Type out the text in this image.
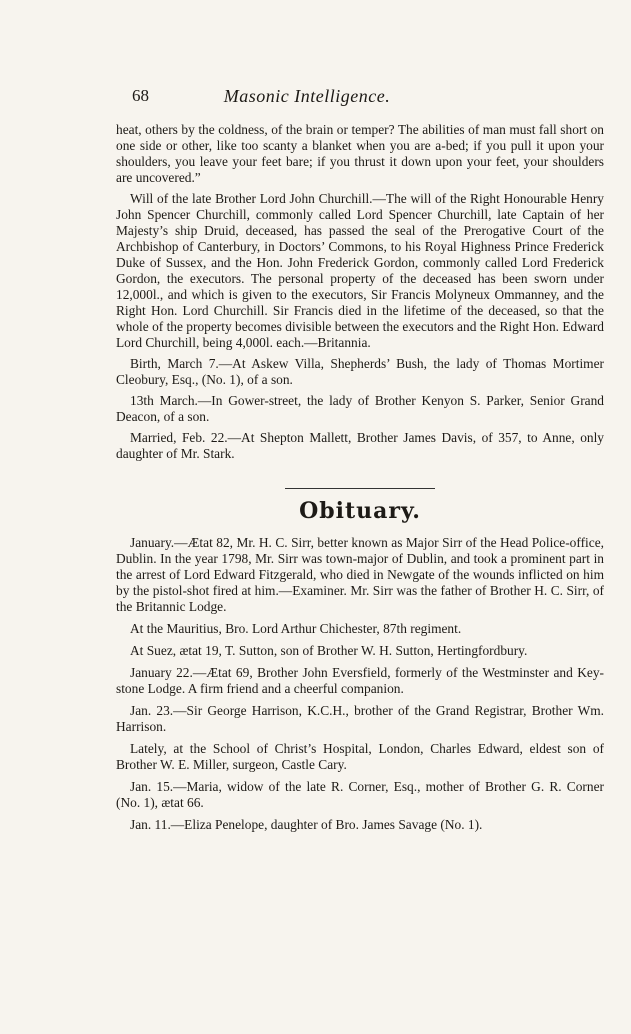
68	Masonic Intelligence.

heat, others by the coldness, of the brain or temper? The abilities of man must fall short on one side or other, like too scanty a blanket when you are a-bed; if you pull it upon your shoulders, you leave your feet bare; if you thrust it down upon your feet, your shoulders are uncovered.”

Will of the late Brother Lord John Churchill.—The will of the Right Honourable Henry John Spencer Churchill, commonly called Lord Spencer Churchill, late Captain of her Majesty’s ship Druid, deceased, has passed the seal of the Prerogative Court of the Archbishop of Canterbury, in Doctors’ Commons, to his Royal Highness Prince Frederick Duke of Sussex, and the Hon. John Frederick Gordon, commonly called Lord Frederick Gordon, the executors. The personal property of the deceased has been sworn under 12,000l., and which is given to the executors, Sir Francis Molyneux Ommanney, and the Right Hon. Lord Churchill. Sir Francis died in the lifetime of the deceased, so that the whole of the property becomes divisible between the executors and the Right Hon. Edward Lord Churchill, being 4,000l. each.—Britannia.

Birth, March 7.—At Askew Villa, Shepherds’ Bush, the lady of Thomas Mortimer Cleobury, Esq., (No. 1), of a son.

13th March.—In Gower-street, the lady of Brother Kenyon S. Parker, Senior Grand Deacon, of a son.

Married, Feb. 22.—At Shepton Mallett, Brother James Davis, of 357, to Anne, only daughter of Mr. Stark.

Obituary.

January.—Ætat 82, Mr. H. C. Sirr, better known as Major Sirr of the Head Police-office, Dublin. In the year 1798, Mr. Sirr was town-major of Dublin, and took a prominent part in the arrest of Lord Edward Fitzgerald, who died in Newgate of the wounds inflicted on him by the pistol-shot fired at him.—Examiner. Mr. Sirr was the father of Brother H. C. Sirr, of the Britannic Lodge.

At the Mauritius, Bro. Lord Arthur Chichester, 87th regiment.

At Suez, ætat 19, T. Sutton, son of Brother W. H. Sutton, Hertingfordbury.

January 22.—Ætat 69, Brother John Eversfield, formerly of the Westminster and Key-stone Lodge. A firm friend and a cheerful companion.

Jan. 23.—Sir George Harrison, K.C.H., brother of the Grand Registrar, Brother Wm. Harrison.

Lately, at the School of Christ’s Hospital, London, Charles Edward, eldest son of Brother W. E. Miller, surgeon, Castle Cary.

Jan. 15.—Maria, widow of the late R. Corner, Esq., mother of Brother G. R. Corner (No. 1), ætat 66.

Jan. 11.—Eliza Penelope, daughter of Bro. James Savage (No. 1).
